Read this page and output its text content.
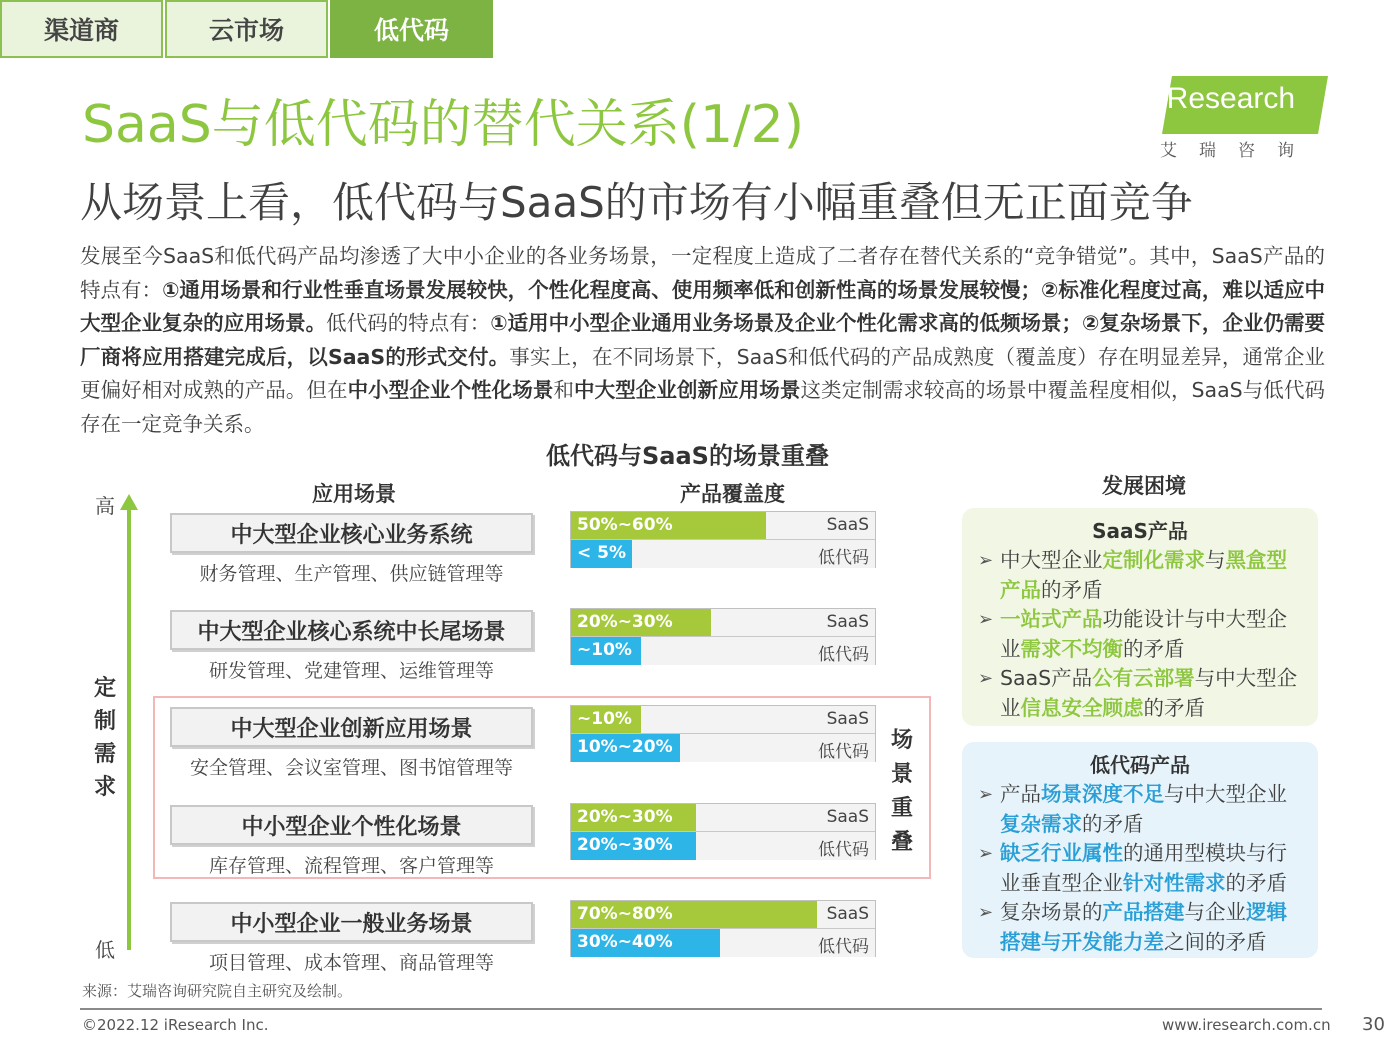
渠道商	云市场	低代码
iResearch
艾瑞咨询
SaaS与低代码的替代关系(1/2)
从场景上看，低代码与SaaS的市场有小幅重叠但无正面竞争
发展至今SaaS和低代码产品均渗透了大中小企业的各业务场景，一定程度上造成了二者存在替代关系的“竞争错觉”。其中，SaaS产品的特点有：①通用场景和行业性垂直场景发展较快，个性化程度高、使用频率低和创新性高的场景发展较慢；②标准化程度过高，难以适应中大型企业复杂的应用场景。低代码的特点有：①适用中小型企业通用业务场景及企业个性化需求高的低频场景；②复杂场景下，企业仍需要厂商将应用搭建完成后，以SaaS的形式交付。事实上，在不同场景下，SaaS和低代码的产品成熟度（覆盖度）存在明显差异，通常企业更偏好相对成熟的产品。但在中小型企业个性化场景和中大型企业创新应用场景这类定制需求较高的场景中覆盖程度相似，SaaS与低代码存在一定竞争关系。
低代码与SaaS的场景重叠
高
低
定制需求
应用场景	产品覆盖度	发展困境
中大型企业核心业务系统
财务管理、生产管理、供应链管理等
50%~60%	SaaS
< 5%	低代码
中大型企业核心系统中长尾场景
研发管理、党建管理、运维管理等
20%~30%	SaaS
~10%	低代码
中大型企业创新应用场景
安全管理、会议室管理、图书馆管理等
~10%	SaaS
10%~20%	低代码
中小型企业个性化场景
库存管理、流程管理、客户管理等
20%~30%	SaaS
20%~30%	低代码
中小型企业一般业务场景
项目管理、成本管理、商品管理等
70%~80%	SaaS
30%~40%	低代码
场景重叠
SaaS产品
➢ 中大型企业定制化需求与黑盒型产品的矛盾
➢ 一站式产品功能设计与中大型企业需求不均衡的矛盾
➢ SaaS产品公有云部署与中大型企业信息安全顾虑的矛盾
低代码产品
➢ 产品场景深度不足与中大型企业复杂需求的矛盾
➢ 缺乏行业属性的通用型模块与行业垂直型企业针对性需求的矛盾
➢ 复杂场景的产品搭建与企业逻辑搭建与开发能力差之间的矛盾
来源：艾瑞咨询研究院自主研究及绘制。
©2022.12 iResearch Inc.	www.iresearch.com.cn 30
